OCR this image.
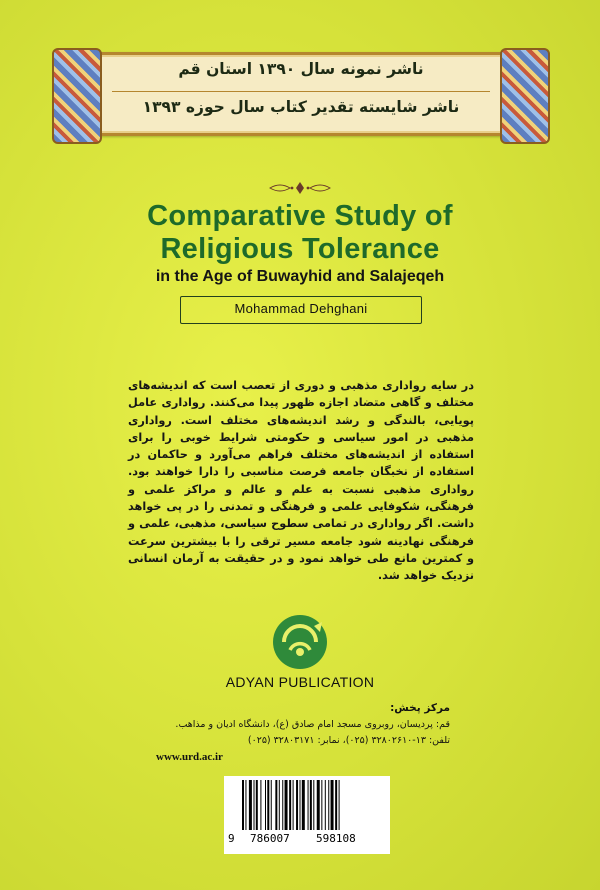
ناشر نمونه سال ۱۳۹۰ استان قم
ناشر شایسته تقدیر کتاب سال حوزه ۱۳۹۳
Comparative Study of
Religious Tolerance
in the Age of Buwayhid and Salajeqeh
Mohammad Dehghani
در سایه رواداری مذهبی و دوری از تعصب است که اندیشه‌های مختلف و گاهی متضاد اجازه ظهور پیدا می‌کنند. رواداری عامل پویایی، بالندگی و رشد اندیشه‌های مختلف است. رواداری مذهبی در امور سیاسی و حکومتی شرایط خوبی را برای استفاده از اندیشه‌های مختلف فراهم می‌آورد و حاکمان در استفاده از نخبگان جامعه فرصت مناسبی را دارا خواهند بود. رواداری مذهبی نسبت به علم و عالم و مراکز علمی و فرهنگی، شکوفایی علمی و فرهنگی و تمدنی را در پی خواهد داشت. اگر رواداری در تمامی سطوح سیاسی، مذهبی، علمی و فرهنگی نهادینه شود جامعه مسیر ترقی را با بیشترین سرعت و کمترین مانع طی خواهد نمود و در حقیقت به آرمان انسانی نزدیک خواهد شد.
ADYAN PUBLICATION
مرکز پخش:
قم: پردیسان، روبروی مسجد امام صادق (ع)، دانشگاه ادیان و مذاهب.
تلفن: ۱۳-۳۲۸۰۲۶۱۰ (۰۲۵)، نمابر: ۳۲۸۰۳۱۷۱ (۰۲۵)
www.urd.ac.ir
9 786007 598108
